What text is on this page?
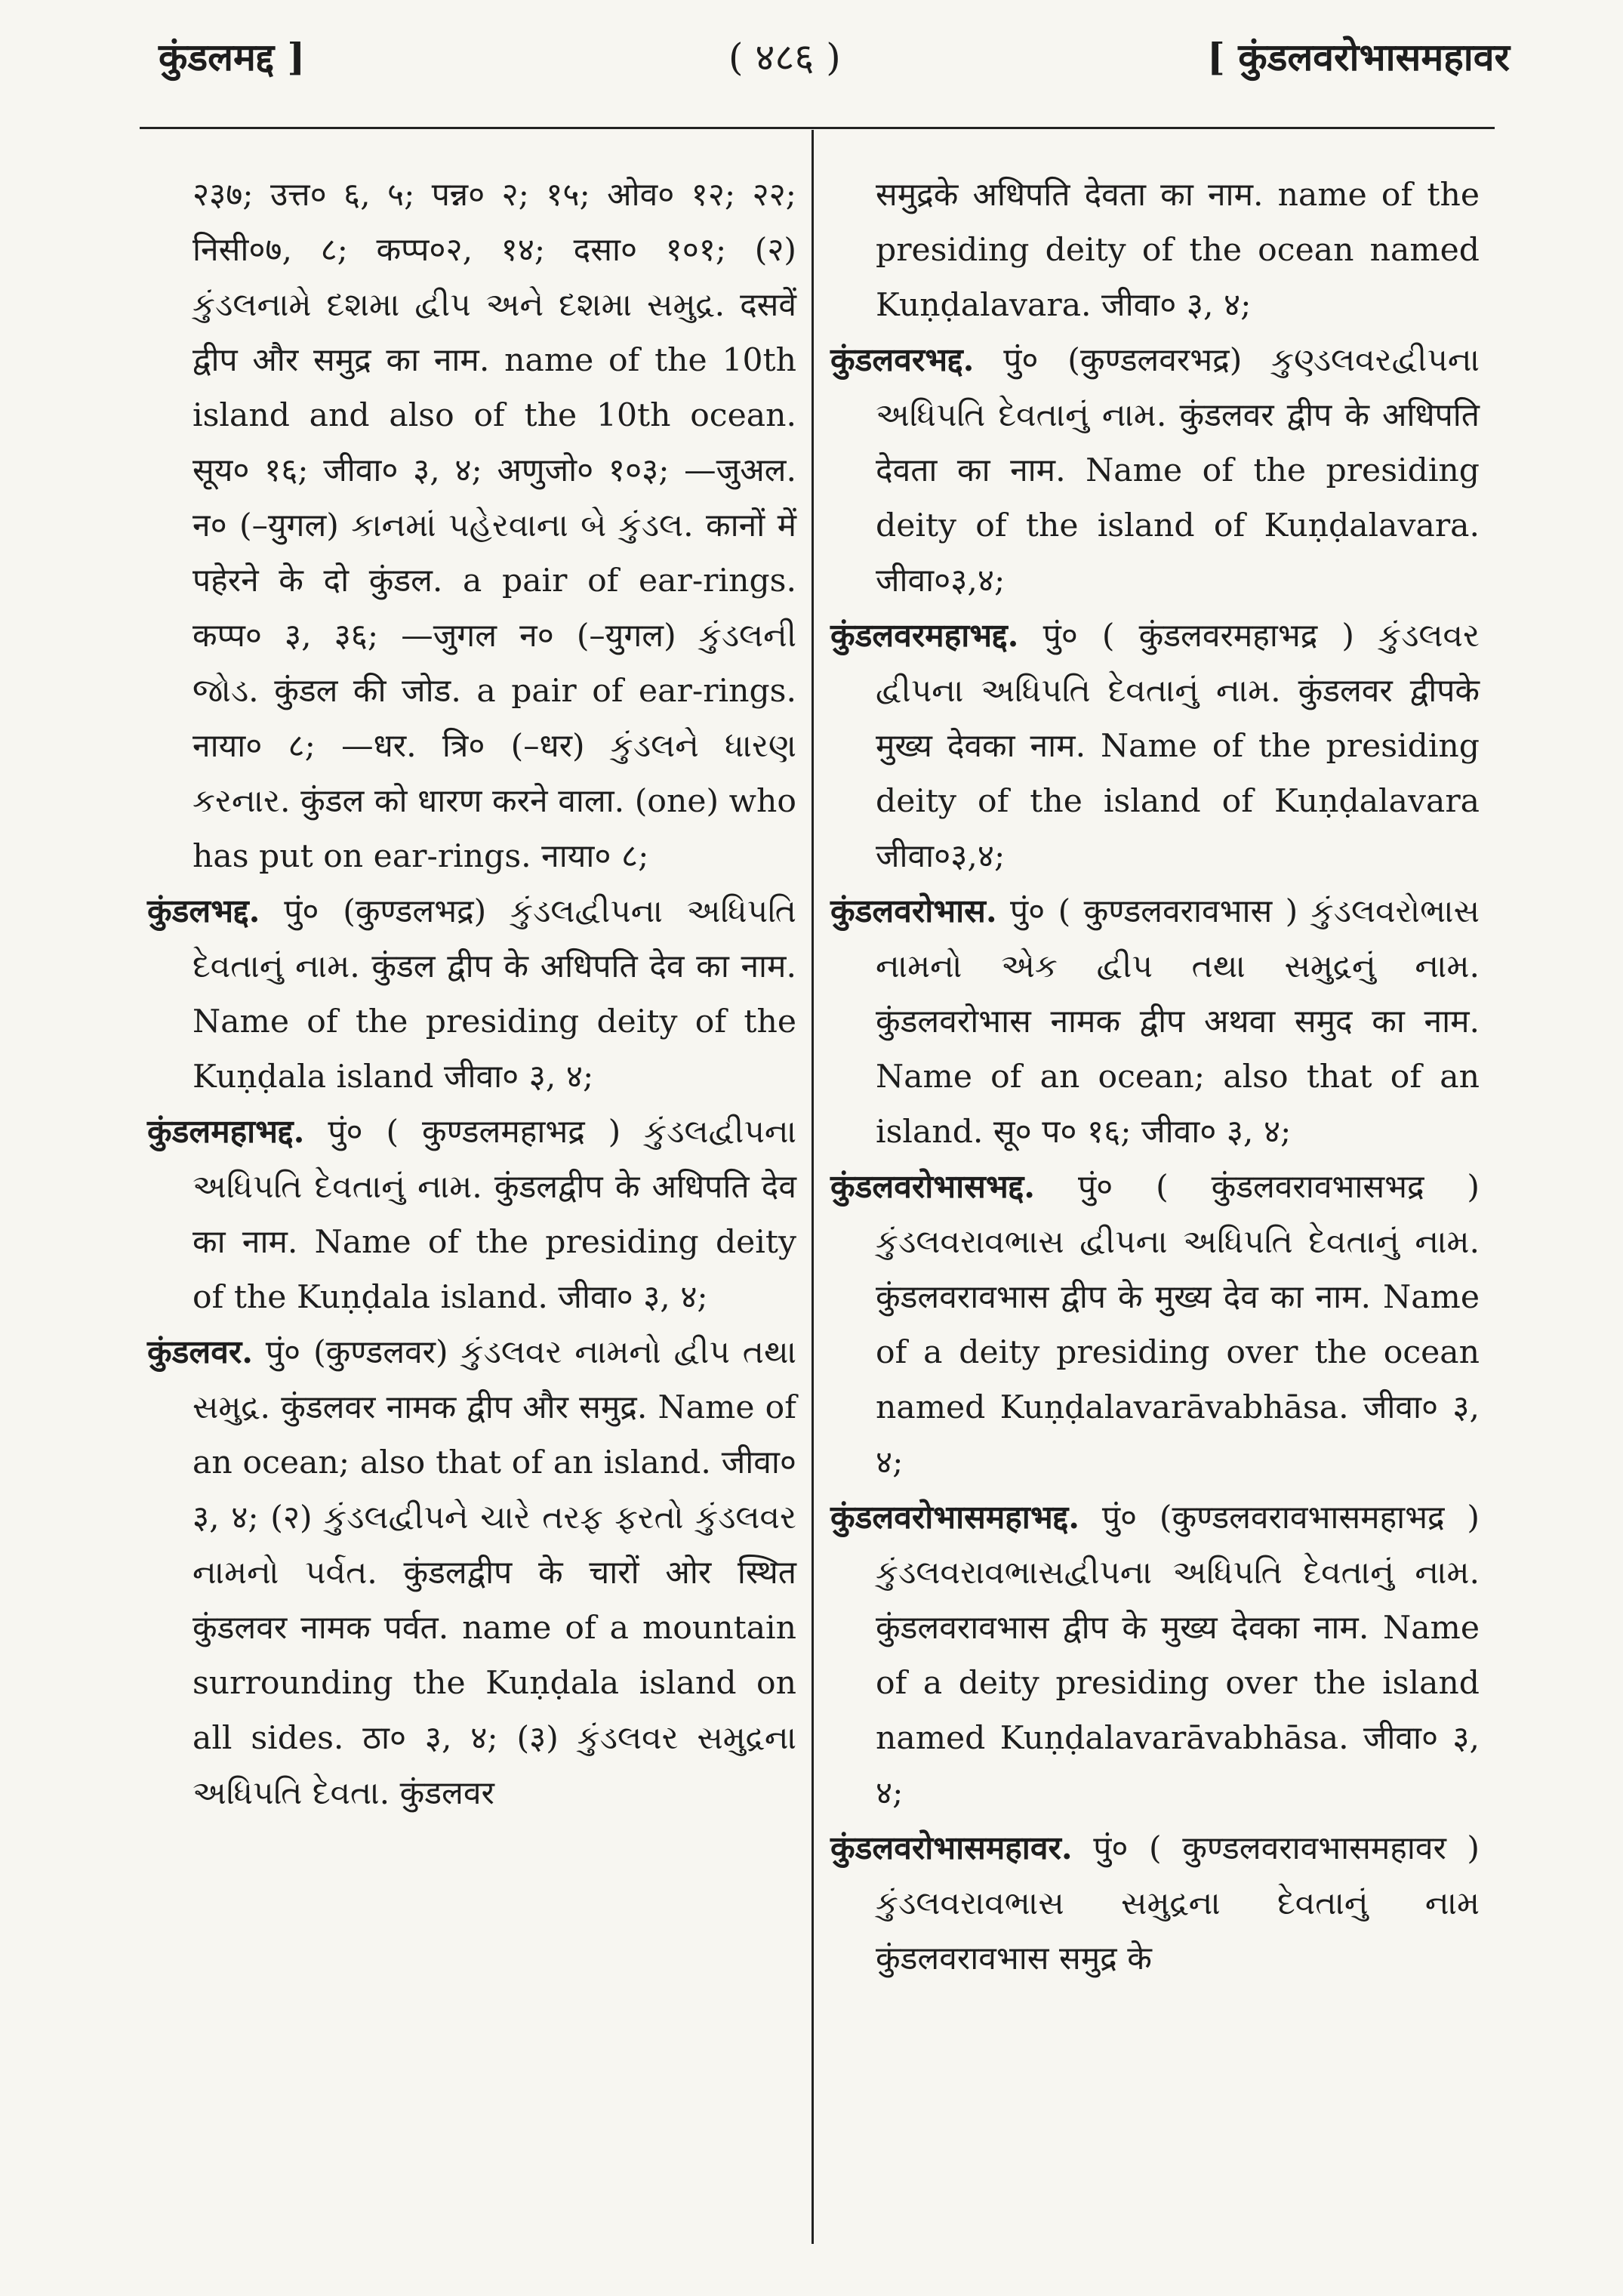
कुंडलमद्द ]	( ४८६ )	[ कुंडलवरोभासमहावर

२३७; उत्त० ६, ५; पन्न० २; १५; ओव० १२; २२; निसी०७, ८; कप्प०२, १४; दसा० १०१; (२) કુંડલનામે દશમા દ્વીપ અને દશમા સમુદ્ર. दसवें द्वीप और समुद्र का नाम. name of the 10th island and also of the 10th ocean. सूय० १६; जीवा० ३, ४; अणुजो० १०३; —जुअल. न० (–युगल) કાનમાં પહેરવાના બે કુંડલ. कानों में पहेरने के दो कुंडल. a pair of ear-rings. कप्प० ३, ३६; —जुगल न० (–युगल) કુંડલની જોડ. कुंडल की जोड. a pair of ear-rings. नाया० ८; —धर. त्रि० (–धर) કુંડલને ધારણ કરનાર. कुंडल को धारण करने वाला. (one) who has put on ear-rings. नाया० ८;

कुंडलभद्द. पुं० (कुण्डलभद्र) કુંડલદ્વીપના અધિપતિ દેવતાનું નામ. कुंडल द्वीप के अधिपति देव का नाम. Name of the presiding deity of the Kuṇḍala island जीवा० ३, ४;

कुंडलमहाभद्द. पुं० ( कुण्डलमहाभद्र ) કુંડલદ્વીપના અધિપતિ દેવતાનું નામ. कुंडलद्वीप के अधिपति देव का नाम. Name of the presiding deity of the Kuṇḍala island. जीवा० ३, ४;

कुंडलवर. पुं० (कुण्डलवर) કુંડલવર નામનો દ્વીપ તથા સમુદ્ર. कुंडलवर नामक द्वीप और समुद्र. Name of an ocean; also that of an island. जीवा० ३, ४; (२) કુંડલદ્વીપને ચારે તરફ ફરતો કુંડલવર નામનો પર્વત. कुंडलद्वीप के चारों ओर स्थित कुंडलवर नामक पर्वत. name of a mountain surrounding the Kuṇḍala island on all sides. ठा० ३, ४; (३) કુંડલવર સમુદ્રના અધિપતિ દેવતા. कुंडलवर

समुद्रके अधिपति देवता का नाम. name of the presiding deity of the ocean named Kuṇḍalavara. जीवा० ३, ४;

कुंडलवरभद्द. पुं० (कुण्डलवरभद्र) કુણ્ડલવરદ્વીપના અધિપતિ દેવતાનું નામ. कुंडलवर द्वीप के अधिपति देवता का नाम. Name of the presiding deity of the island of Kuṇḍalavara. जीवा०३,४;

कुंडलवरमहाभद्द. पुं० ( कुंडलवरमहाभद्र ) કુંડલવર દ્વીપના અધિપતિ દેવતાનું નામ. कुंडलवर द्वीपके मुख्य देवका नाम. Name of the presiding deity of the island of Kuṇḍalavara जीवा०३,४;

कुंडलवरोभास. पुं० ( कुण्डलवरावभास ) કુંડલવરોભાસ નામનો એક દ્વીપ તથા સમુદ્રનું નામ. कुंडलवरोभास नामक द्वीप अथवा समुद का नाम. Name of an ocean; also that of an island. सू० प० १६; जीवा० ३, ४;

कुंडलवरोभासभद्द. पुं० ( कुंडलवरावभासभद्र ) કુંડલવરાવભાસ દ્વીપના અધિપતિ દેવતાનું નામ. कुंडलवरावभास द्वीप के मुख्य देव का नाम. Name of a deity presiding over the ocean named Kuṇḍalavarāvabhāsa. जीवा० ३, ४;

कुंडलवरोभासमहाभद्द. पुं० (कुण्डलवरावभासमहाभद्र ) કુંડલવરાવભાસદ્વીપના અધિપતિ દેવતાનું નામ. कुंडलवरावभास द्वीप के मुख्य देवका नाम. Name of a deity presiding over the island named Kuṇḍalavarāvabhāsa. जीवा० ३, ४;

कुंडलवरोभासमहावर. पुं० ( कुण्डलवरावभासमहावर ) કુંડલવરાવભાસ સમુદ્રના દેવતાનું નામ कुंडलवरावभास समुद्र के
